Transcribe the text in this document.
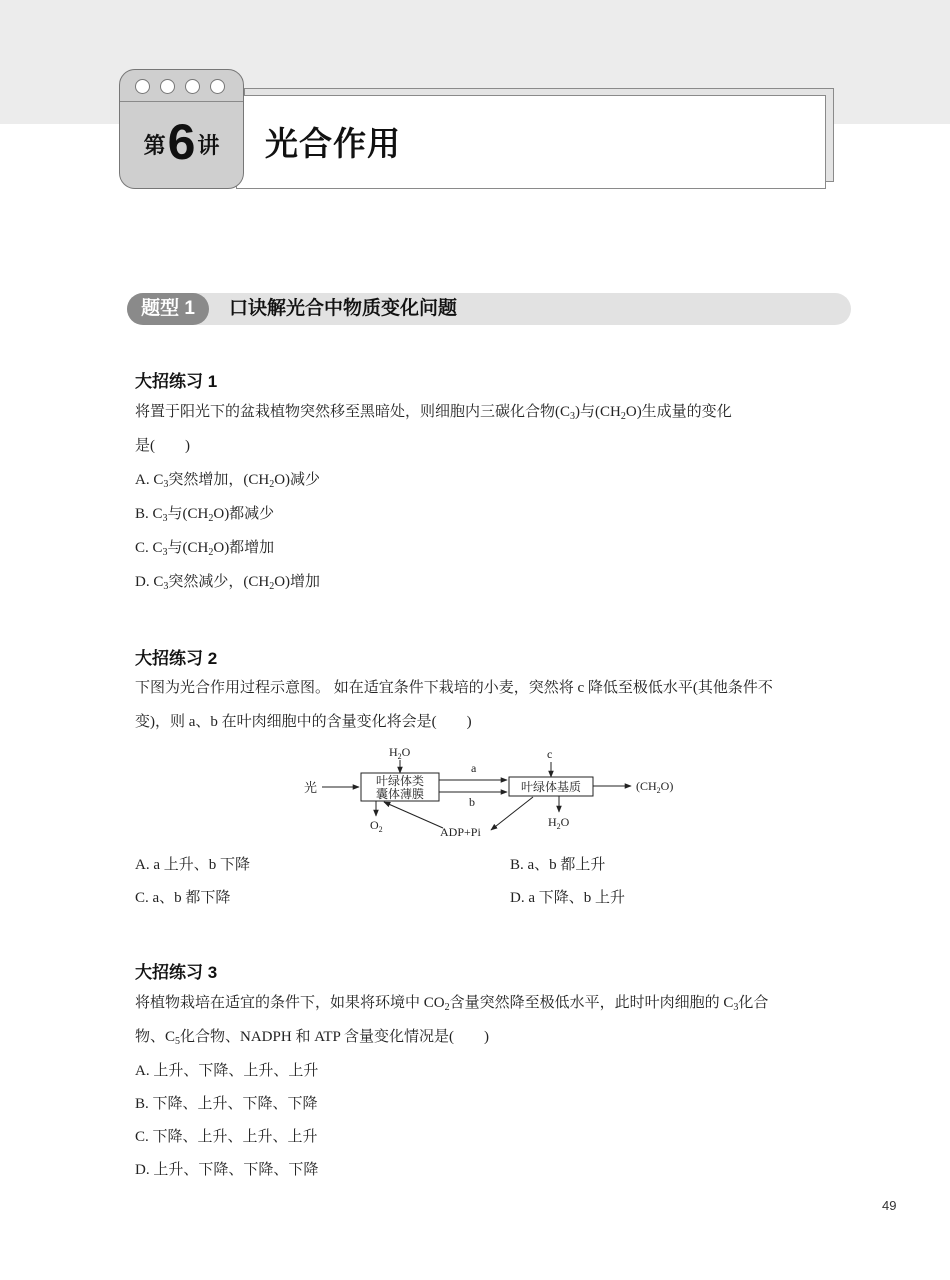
第6讲	光合作用
题型 1	口诀解光合中物质变化问题
大招练习 1
将置于阳光下的盆栽植物突然移至黑暗处，则细胞内三碳化合物$(C_3)$与$(CH_2O)$生成量的变化
是(　　)
A. $C_3$突然增加，$(CH_2O)$减少
B. $C_3$与$(CH_2O)$都减少
C. $C_3$与$(CH_2O)$都增加
D. $C_3$突然减少，$(CH_2O)$增加
大招练习 2
下图为光合作用过程示意图。 如在适宜条件下栽培的小麦，突然将 c 降低至极低水平(其他条件不
变)，则 a、b 在叶肉细胞中的含量变化将会是(　　)
光
$H_2O$
叶绿体类
囊体薄膜
a
b
c
叶绿体基质	$(CH_2O)$
$O_2$	ADP+Pi
$H_2O$
A. a 上升、b 下降	B. a、b 都上升
C. a、b 都下降	D. a 下降、b 上升
大招练习 3
将植物栽培在适宜的条件下，如果将环境中 $CO_2$含量突然降至极低水平，此时叶肉细胞的 $C_3$化合
物、$C_5$化合物、NADPH 和 ATP 含量变化情况是(　　)
A. 上升、下降、上升、上升
B. 下降、上升、下降、下降
C. 下降、上升、上升、上升
D. 上升、下降、下降、下降
49
